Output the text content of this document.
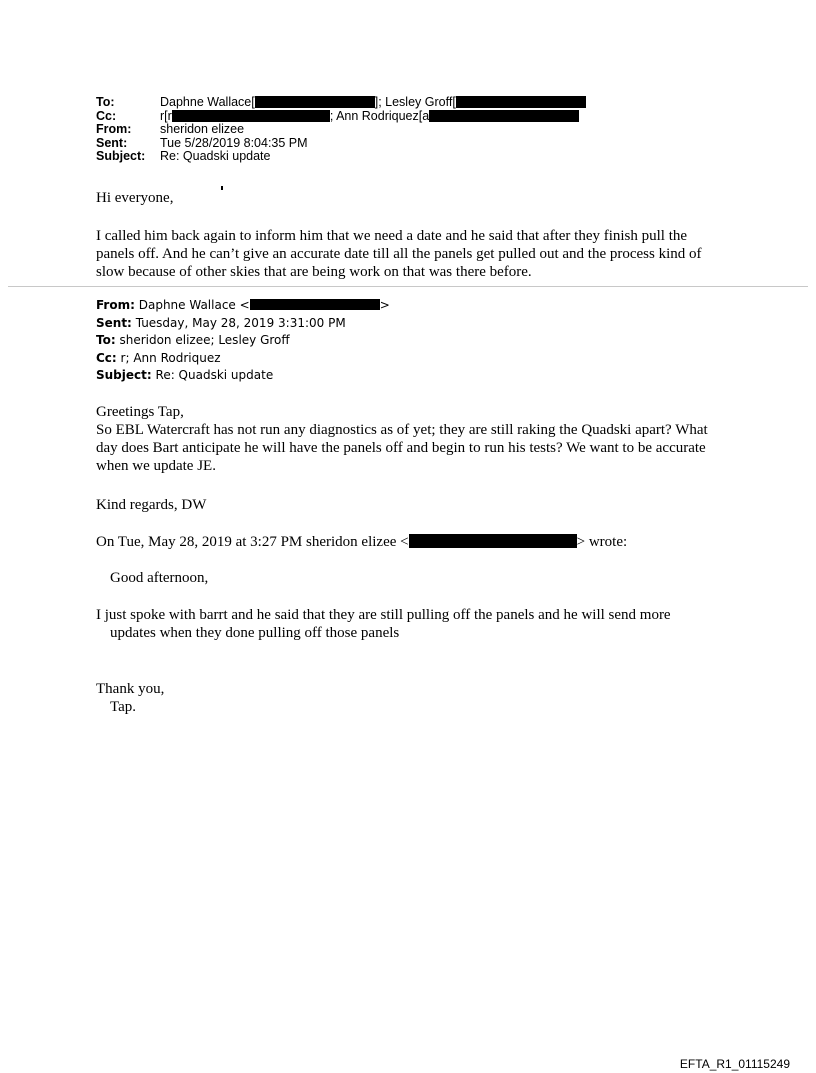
To:	Daphne Wallace[	]; Lesley Groff[
Cc:	r[r	; Ann Rodriquez[a
From:	sheridon elizee
Sent:	Tue 5/28/2019 8:04:35 PM
Subject:	Re: Quadski update
Hi everyone,
I called him back again to inform him that we need a date and he said that after they finish pull the panels off. And he can’t give an accurate date till all the panels get pulled out and the process kind of slow because of other skies that are being work on that was there before.
From: Daphne Wallace <	>
Sent: Tuesday, May 28, 2019 3:31:00 PM
To: sheridon elizee; Lesley Groff
Cc: r; Ann Rodriquez
Subject: Re: Quadski update
Greetings Tap,
So EBL Watercraft has not run any diagnostics as of yet; they are still raking the Quadski apart? What day does Bart anticipate he will have the panels off and begin to run his tests? We want to be accurate when we update JE.
Kind regards, DW
On Tue, May 28, 2019 at 3:27 PM sheridon elizee <	> wrote:
Good afternoon,
I just spoke with barrt and he said that they are still pulling off the panels and he will send more
updates when they done pulling off those panels
Thank you,
Tap.
EFTA_R1_01115249
